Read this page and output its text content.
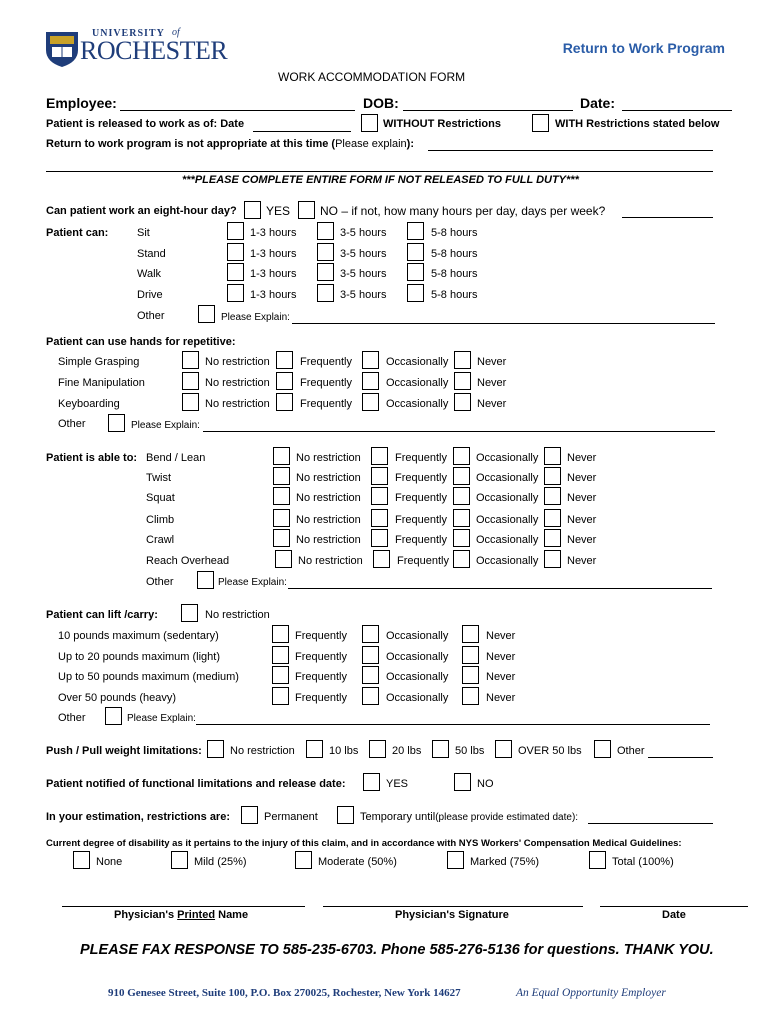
UNIVERSITY of
ROCHESTER	Return to Work Program
WORK ACCOMMODATION FORM
Employee:	DOB:	Date:
Patient is released to work as of: Date	WITHOUT Restrictions	WITH Restrictions stated below
Return to work program is not appropriate at this time (Please explain):
***PLEASE COMPLETE ENTIRE FORM IF NOT RELEASED TO FULL DUTY***
Can patient work an eight-hour day? YES NO – if not, how many hours per day, days per week?
Patient can:	Sit	1-3 hours	3-5 hours	5-8 hours
Stand	1-3 hours	3-5 hours	5-8 hours
Walk	1-3 hours	3-5 hours	5-8 hours
Drive	1-3 hours	3-5 hours	5-8 hours
Other	Please Explain:
Patient can use hands for repetitive:
Simple Grasping	No restriction	Frequently	Occasionally	Never
Fine Manipulation	No restriction	Frequently	Occasionally	Never
Keyboarding	No restriction	Frequently	Occasionally	Never
Other	Please Explain:
Patient is able to: Bend / Lean	No restriction	Frequently	Occasionally	Never
Twist	No restriction	Frequently	Occasionally	Never
Squat	No restriction	Frequently	Occasionally	Never
Climb	No restriction	Frequently	Occasionally	Never
Crawl	No restriction	Frequently	Occasionally	Never
Reach Overhead	No restriction	Frequently Occasionally	Never
Other	Please Explain:
Patient can lift /carry:	No restriction
10 pounds maximum (sedentary)	Frequently	Occasionally	Never
Up to 20 pounds maximum (light)	Frequently	Occasionally	Never
Up to 50 pounds maximum (medium)	Frequently	Occasionally	Never
Over 50 pounds (heavy)	Frequently	Occasionally	Never
Other	Please Explain:
Push / Pull weight limitations:	No restriction	10 lbs	20 lbs	50 lbs	OVER 50 lbs	Other
Patient notified of functional limitations and release date:	YES	NO
In your estimation, restrictions are:	Permanent	Temporary until(please provide estimated date):
Current degree of disability as it pertains to the injury of this claim, and in accordance with NYS Workers' Compensation Medical Guidelines:
None	Mild (25%)	Moderate (50%)	Marked (75%)	Total (100%)
Physician's Printed Name	Physician's Signature	Date
PLEASE FAX RESPONSE TO 585-235-6703. Phone 585-276-5136 for questions. THANK YOU.
910 Genesee Street, Suite 100, P.O. Box 270025, Rochester, New York 14627	An Equal Opportunity Employer
